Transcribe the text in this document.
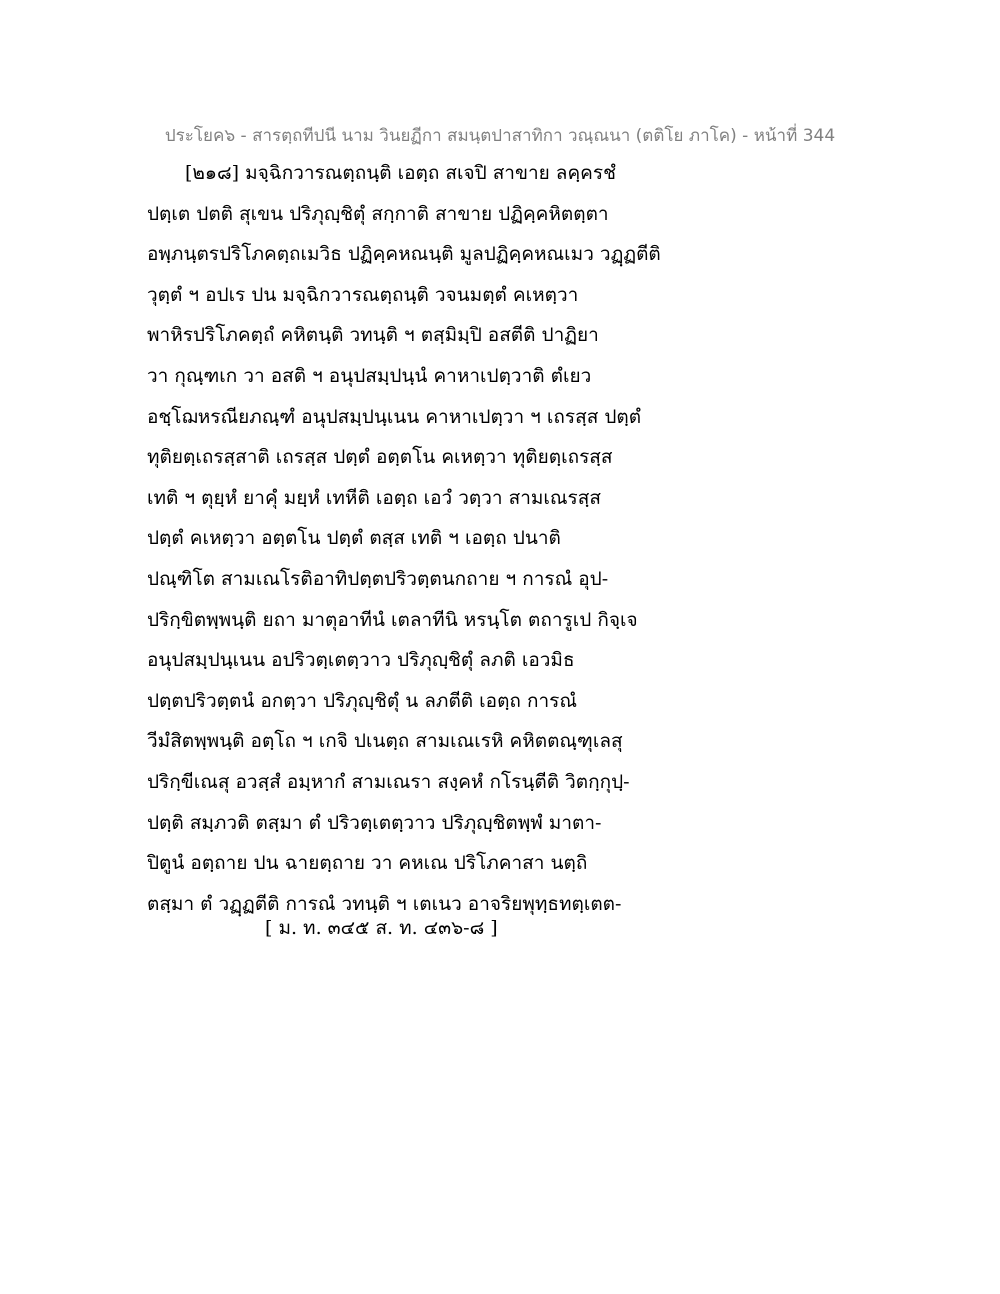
ประโยค๖ - สารตฺถทีปนี นาม วินยฏีกา สมนฺตปาสาทิกา วณฺณนา (ตติโย ภาโค) - หน้าที่ 344
[๒๑๘] มจฺฉิกวารณตฺถนฺติ เอตฺถ สเจปิ สาขาย ลคฺครชํ
ปตฺเต ปตติ สุเขน ปริภุญฺชิตุํ สกฺกาติ สาขาย ปฏิคฺคหิตตฺตา
อพฺภนฺตรปริโภคตฺถเมวิธ ปฏิคฺคหณนฺติ มูลปฏิคฺคหณเมว วฏฺฏตีติ
วุตฺตํ ฯ อปเร ปน มจฺฉิกวารณตฺถนฺติ วจนมตฺตํ คเหตฺวา
พาหิรปริโภคตฺถํ คหิตนฺติ วทนฺติ ฯ ตสฺมิมฺปิ อสตีติ ปาฏิยา
วา กุณฺฑเก วา อสติ ฯ อนุปสมฺปนฺนํ คาหาเปตฺวาติ ตํเยว
อชฺโฌหรณียภณฺฑํ อนุปสมฺปนฺเนน คาหาเปตฺวา ฯ เถรสฺส ปตฺตํ
ทุติยตฺเถรสฺสาติ เถรสฺส ปตฺตํ อตฺตโน คเหตฺวา ทุติยตฺเถรสฺส
เทติ ฯ ตุยฺหํ ยาคุํ มยฺหํ เทหีติ เอตฺถ เอวํ วตฺวา สามเณรสฺส
ปตฺตํ คเหตฺวา อตฺตโน ปตฺตํ ตสฺส เทติ ฯ เอตฺถ ปนาติ
ปณฺฑิโต สามเณโรติอาทิปตฺตปริวตฺตนกถาย ฯ การณํ อุป-
ปริกฺขิตพฺพนฺติ ยถา มาตุอาทีนํ เตลาทีนิ หรนฺโต ตถารูเป กิจฺเจ
อนุปสมฺปนฺเนน อปริวตฺเตตฺวาว ปริภุญฺชิตุํ ลภติ เอวมิธ
ปตฺตปริวตฺตนํ อกตฺวา ปริภุญฺชิตุํ น ลภตีติ เอตฺถ การณํ
วีมํสิตพฺพนฺติ อตฺโถ ฯ เกจิ ปเนตฺถ สามเณเรหิ คหิตตณฺฑุเลสุ
ปริกฺขีเณสุ อวสฺสํ อมฺหากํ สามเณรา สงฺคหํ กโรนฺตีติ วิตกฺกุปฺ-
ปตฺติ สมฺภวติ ตสฺมา ตํ ปริวตฺเตตฺวาว ปริภุญฺชิตพฺพํ มาตา-
ปิตูนํ อตฺถาย ปน ฉายตฺถาย วา คหเณ ปริโภคาสา นตฺถิ
ตสฺมา ตํ วฏฺฏตีติ การณํ วทนฺติ ฯ เตเนว อาจริยพุทฺธทตฺเตต-
[ ม. ท. ๓๔๕ ส. ท. ๔๓๖-๘ ]
